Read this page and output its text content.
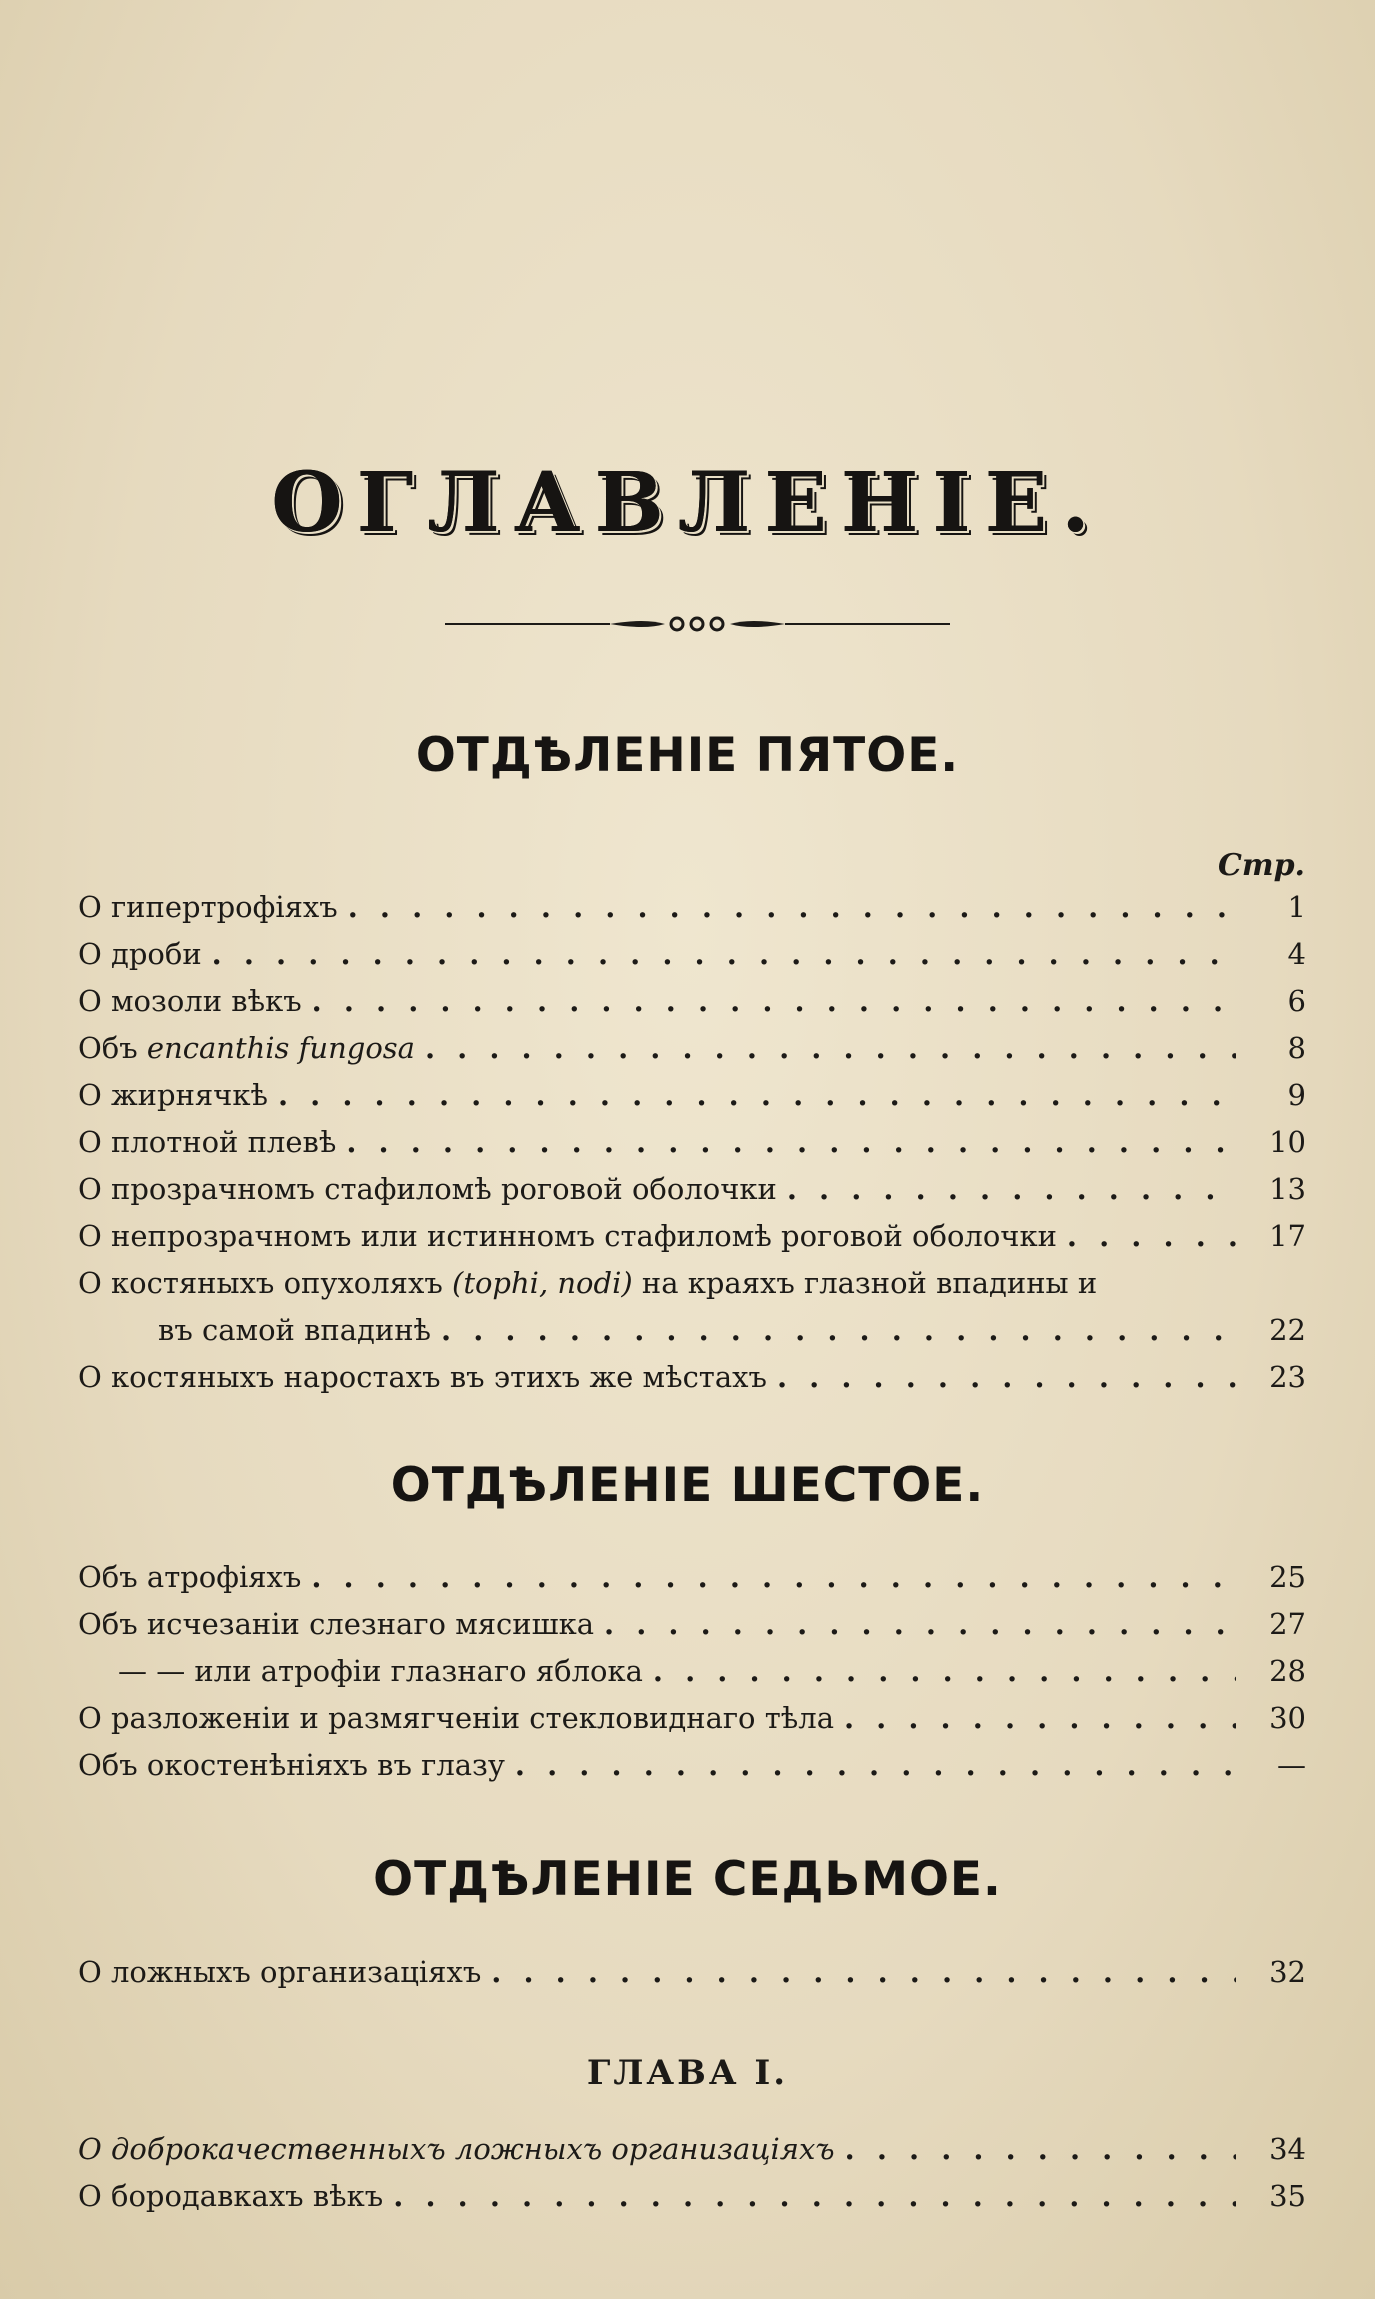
ОГЛАВЛЕНІЕ.
ОТДѢЛЕНІЕ ПЯТОЕ.
Стр.
О гипертрофіяхъ . . .	1
О дроби . . .	4
О мозоли вѣкъ . . .	6
Объ encanthis fungosa . . .	8
О жирнячкѣ . . .	9
О плотной плевѣ . . .	10
О прозрачномъ стафиломѣ роговой оболочки . . .	13
О непрозрачномъ или истинномъ стафиломѣ роговой оболочки . . .	17
О костяныхъ опухоляхъ (tophi, nodi) на краяхъ глазной впадины и
въ самой впадинѣ . . .	22
О костяныхъ наростахъ въ этихъ же мѣстахъ . . .	23
ОТДѢЛЕНІЕ ШЕСТОЕ.
Объ атрофіяхъ . . .	25
Объ исчезаніи слезнаго мясишка . . .	27
— — или атрофіи глазнаго яблока . . .	28
О разложеніи и размягченіи стекловиднаго тѣла . . .	30
Объ окостенѣніяхъ въ глазу . . .	—
ОТДѢЛЕНІЕ СЕДЬМОЕ.
О ложныхъ организаціяхъ . . .	32
ГЛАВА I.
О доброкачественныхъ ложныхъ организаціяхъ . . .	34
О бородавкахъ вѣкъ . . .	35
